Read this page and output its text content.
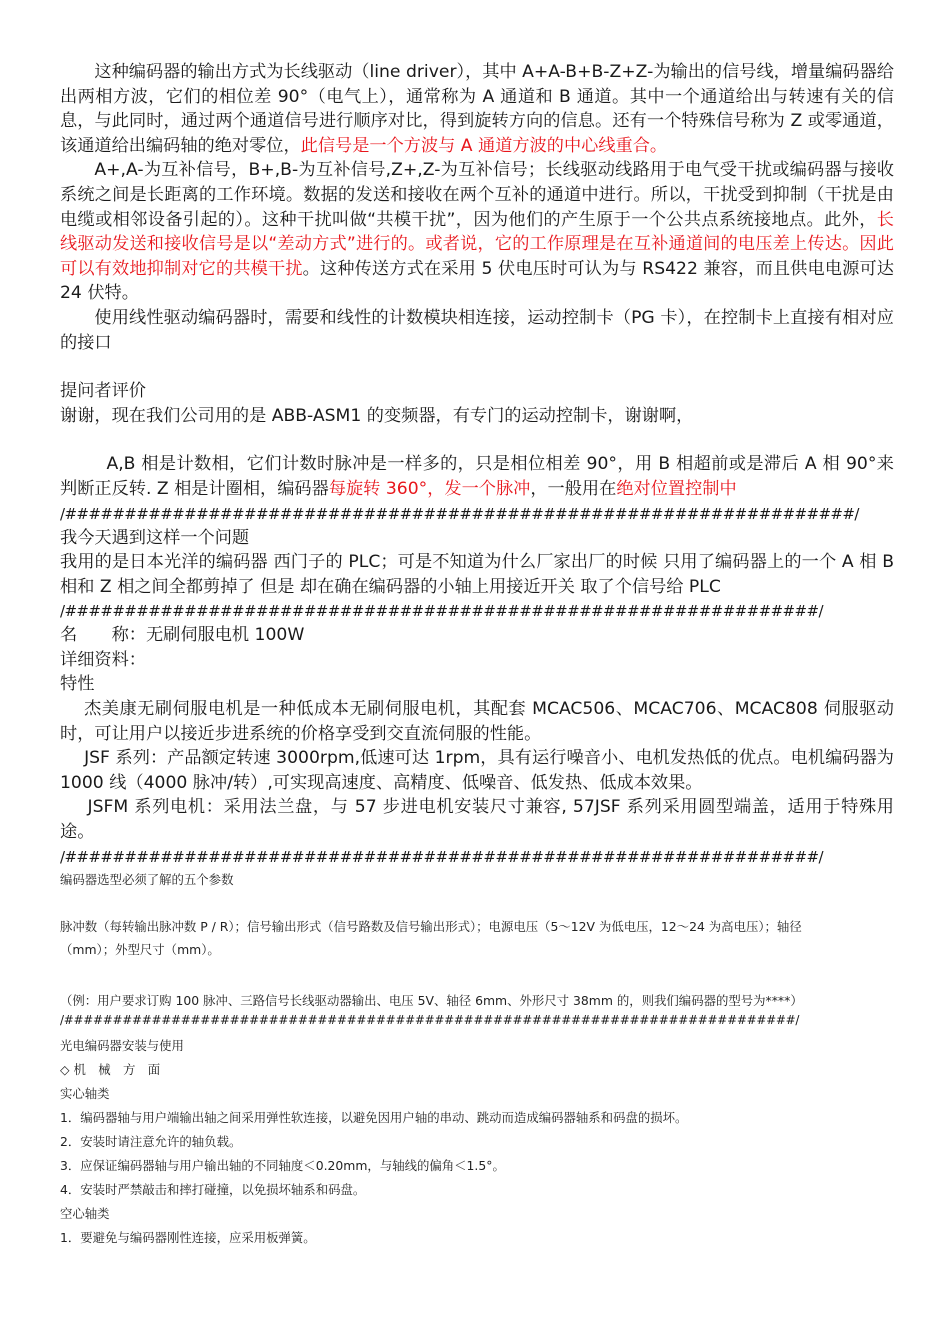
这种编码器的输出方式为长线驱动（line driver），其中 A+A-B+B-Z+Z-为输出的信号线，增量编码器给出两相方波，它们的相位差 90°（电气上），通常称为 A 通道和 B 通道。其中一个通道给出与转速有关的信息，与此同时，通过两个通道信号进行顺序对比，得到旋转方向的信息。还有一个特殊信号称为 Z 或零通道，该通道给出编码轴的绝对零位，此信号是一个方波与 A 通道方波的中心线重合。

A+,A-为互补信号，B+,B-为互补信号,Z+,Z-为互补信号；长线驱动线路用于电气受干扰或编码器与接收系统之间是长距离的工作环境。数据的发送和接收在两个互补的通道中进行。所以，干扰受到抑制（干扰是由电缆或相邻设备引起的）。这种干扰叫做“共模干扰”，因为他们的产生原于一个公共点系统接地点。此外，长线驱动发送和接收信号是以“差动方式”进行的。或者说，它的工作原理是在互补通道间的电压差上传达。因此可以有效地抑制对它的共模干扰。这种传送方式在采用 5 伏电压时可认为与 RS422 兼容，而且供电电源可达 24 伏特。

使用线性驱动编码器时，需要和线性的计数模块相连接，运动控制卡（PG 卡），在控制卡上直接有相对应的接口

提问者评价

谢谢，现在我们公司用的是 ABB-ASM1 的变频器，有专门的运动控制卡，谢谢啊，

A,B 相是计数相，它们计数时脉冲是一样多的，只是相位相差 90°，用 B 相超前或是滞后 A 相 90°来判断正反转. Z 相是计圈相，编码器每旋转 360°，发一个脉冲，一般用在绝对位置控制中

/##################################################################/

我今天遇到这样一个问题

我用的是日本光洋的编码器 西门子的 PLC；可是不知道为什么厂家出厂的时候 只用了编码器上的一个 A 相 B 相和 Z 相之间全都剪掉了 但是 却在确在编码器的小轴上用接近开关 取了个信号给 PLC

/###############################################################/

名　　称：无刷伺服电机 100W

详细资料：

特性

杰美康无刷伺服电机是一种低成本无刷伺服电机，其配套 MCAC506、MCAC706、MCAC808 伺服驱动时，可让用户以接近步进系统的价格享受到交直流伺服的性能。

JSF 系列：产品额定转速 3000rpm,低速可达 1rpm，具有运行噪音小、电机发热低的优点。电机编码器为 1000 线（4000 脉冲/转）,可实现高速度、高精度、低噪音、低发热、低成本效果。

JSFM 系列电机：采用法兰盘，与 57 步进电机安装尺寸兼容, 57JSF 系列采用圆型端盖，适用于特殊用途。

/###############################################################/

编码器选型必须了解的五个参数

脉冲数（每转输出脉冲数 P / R）；信号输出形式（信号路数及信号输出形式）；电源电压（5～12V 为低电压，12～24 为高电压）；轴径

（mm）；外型尺寸（mm）。

（例：用户要求订购 100 脉冲、三路信号长线驱动器输出、电压 5V、轴径 6mm、外形尺寸 38mm 的，则我们编码器的型号为****）

/###########################################################################/

光电编码器安装与使用

◇ 机　械　方　面

实心轴类

1．编码器轴与用户端输出轴之间采用弹性软连接，以避免因用户轴的串动、跳动而造成编码器轴系和码盘的损坏。

2．安装时请注意允许的轴负载。

3．应保证编码器轴与用户输出轴的不同轴度＜0.20mm，与轴线的偏角＜1.5°。

4．安装时严禁敲击和摔打碰撞，以免损坏轴系和码盘。

空心轴类

1．要避免与编码器刚性连接，应采用板弹簧。
